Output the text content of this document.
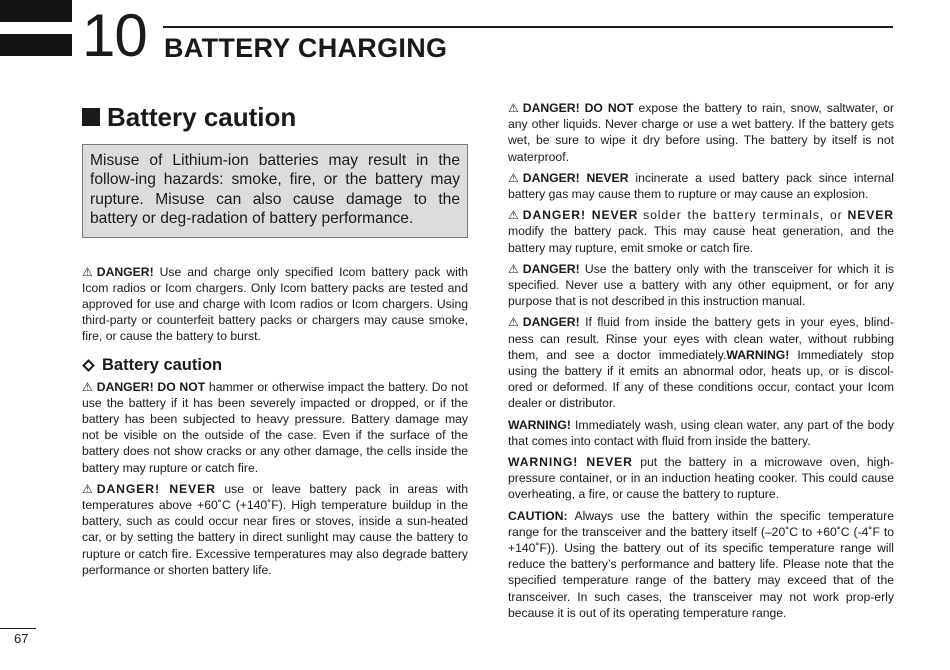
10 BATTERY CHARGING
Battery caution
Misuse of Lithium-ion batteries may result in the follow-ing hazards: smoke, fire, or the battery may rupture. Misuse can also cause damage to the battery or deg-radation of battery performance.

⚠ DANGER! Use and charge only specified Icom battery pack with Icom radios or Icom chargers. Only Icom battery packs are tested and approved for use and charge with Icom radios or Icom chargers. Using third-party or counterfeit battery packs or chargers may cause smoke, fire, or cause the battery to burst.

Battery caution

⚠ DANGER! DO NOT hammer or otherwise impact the battery. Do not use the battery if it has been severely impacted or dropped, or if the battery has been subjected to heavy pressure. Battery damage may not be visible on the outside of the case. Even if the surface of the battery does not show cracks or any other damage, the cells inside the battery may rupture or catch fire.

⚠ DANGER! NEVER use or leave battery pack in areas with temperatures above +60˚C (+140˚F). High temperature buildup in the battery, such as could occur near fires or stoves, inside a sun-heated car, or by setting the battery in direct sunlight may cause the battery to rupture or catch fire. Excessive temperatures may also degrade battery performance or shorten battery life.

⚠ DANGER! DO NOT expose the battery to rain, snow, saltwater, or any other liquids. Never charge or use a wet battery. If the battery gets wet, be sure to wipe it dry before using. The battery by itself is not waterproof.

⚠ DANGER! NEVER incinerate a used battery pack since internal battery gas may cause them to rupture or may cause an explosion.

⚠ DANGER! NEVER solder the battery terminals, or NEVER modify the battery pack. This may cause heat generation, and the battery may rupture, emit smoke or catch fire.

⚠ DANGER! Use the battery only with the transceiver for which it is specified. Never use a battery with any other equipment, or for any purpose that is not described in this instruction manual.

⚠ DANGER! If fluid from inside the battery gets in your eyes, blind-ness can result. Rinse your eyes with clean water, without rubbing them, and see a doctor immediately.WARNING! Immediately stop using the battery if it emits an abnormal odor, heats up, or is discol-ored or deformed. If any of these conditions occur, contact your Icom dealer or distributor.

WARNING! Immediately wash, using clean water, any part of the body that comes into contact with fluid from inside the battery.

WARNING! NEVER put the battery in a microwave oven, high-pressure container, or in an induction heating cooker. This could cause overheating, a fire, or cause the battery to rupture.

CAUTION: Always use the battery within the specific temperature range for the transceiver and the battery itself (–20˚C to +60˚C (-4˚F to +140˚F)). Using the battery out of its specific temperature range will reduce the battery’s performance and battery life. Please note that the specified temperature range of the battery may exceed that of the transceiver. In such cases, the transceiver may not work prop-erly because it is out of its operating temperature range.

67
